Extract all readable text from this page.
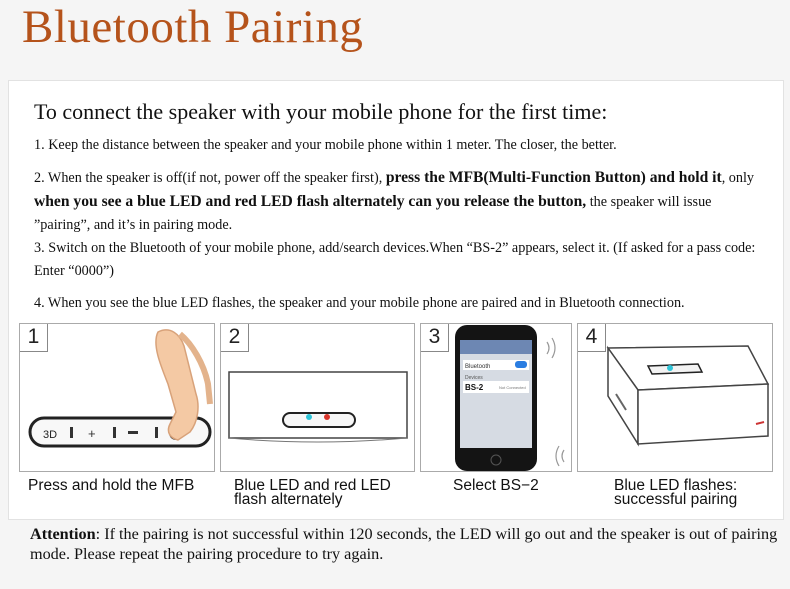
Bluetooth Pairing
To connect the speaker with your mobile phone for the first time:
1. Keep the distance between the speaker and your mobile phone within 1 meter. The closer, the better.
2. When the speaker is off(if not, power off the speaker first), press the MFB(Multi-Function Button) and hold it, only when you see a blue LED and red LED flash alternately can you release the button, the speaker will issue ”pairing”, and it’s in pairing mode.
3. Switch on the Bluetooth of your mobile phone, add/search devices.When “BS-2” appears, select it. (If asked for a pass code: Enter “0000”)
4. When you see the blue LED flashes, the speaker and your mobile phone are paired and in Bluetooth connection.
1
3D +
2	3
Bluetooth
Devices
BS-2	Not Connected
4
Press and hold the MFB	Blue LED and red LED
flash alternately
Select BS−2	Blue LED flashes:
successful pairing
Attention: If the pairing is not successful within 120 seconds, the LED will go out and the speaker is out of pairing mode. Please repeat the pairing procedure to try again.
